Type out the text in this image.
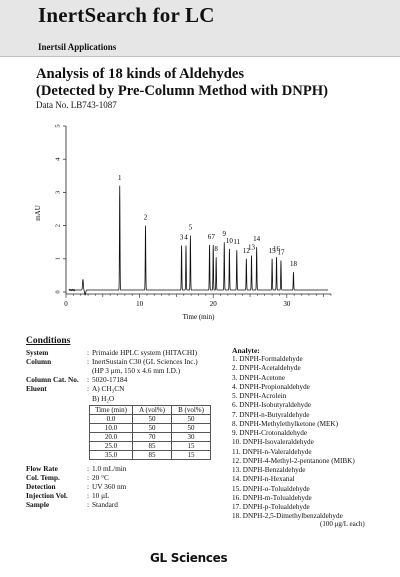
InertSearch for LC
Inertsil Applications
Analysis of 18 kinds of Aldehydes
(Detected by Pre-Column Method with DNPH)
Data No. LB743-1087
0
1
2
3
4
5
0	10	20	30
Time (min)
mAU
1
2
3 4
5
6 7
8
9
10 11
12
13
14
15
16
17
18
Conditions
System	: Primaide HPLC system (HITACHI)
Column	: InertSustain C30 (GL Sciences Inc.)
(HP 3 μm, 150 x 4.6 mm I.D.)
Column Cat. No.	: 5020-17184
Eluent	: A) CH₃CN
B) H₂O
Time (min)	A (vol%)	B (vol%)
0.0	50	50
10.0	50	50
20.0	70	30
25.0	85	15
35.0	85	15
Flow Rate	: 1.0 mL/min
Col. Temp.	: 20 °C
Detection	: UV 360 nm
Injection Vol.	: 10 μL
Sample	: Standard
Analyte:
1. DNPH-Formaldehyde
2. DNPH-Acetaldehyde
3. DNPH-Acetone
4. DNPH-Propionaldehyde
5. DNPH-Acrolein
6. DNPH-Isobutyraldehyde
7. DNPH-n-Butyraldehyde
8. DNPH-Methylethylketone (MEK)
9. DNPH-Crotonaldehyde
10. DNPH-Isovaleraldehyde
11. DNPH-n-Valeraldehyde
12. DNPH-4-Methyl-2-pentanone (MIBK)
13. DNPH-Benzaldehyde
14. DNPH-n-Hexanal
15. DNPH-o-Tolualdehyde
16. DNPH-m-Tolualdehyde
17. DNPH-p-Tolualdehyde
18. DNPH-2,5-Dimethylbenzaldehyde
(100 μg/L each)
GL Sciences
